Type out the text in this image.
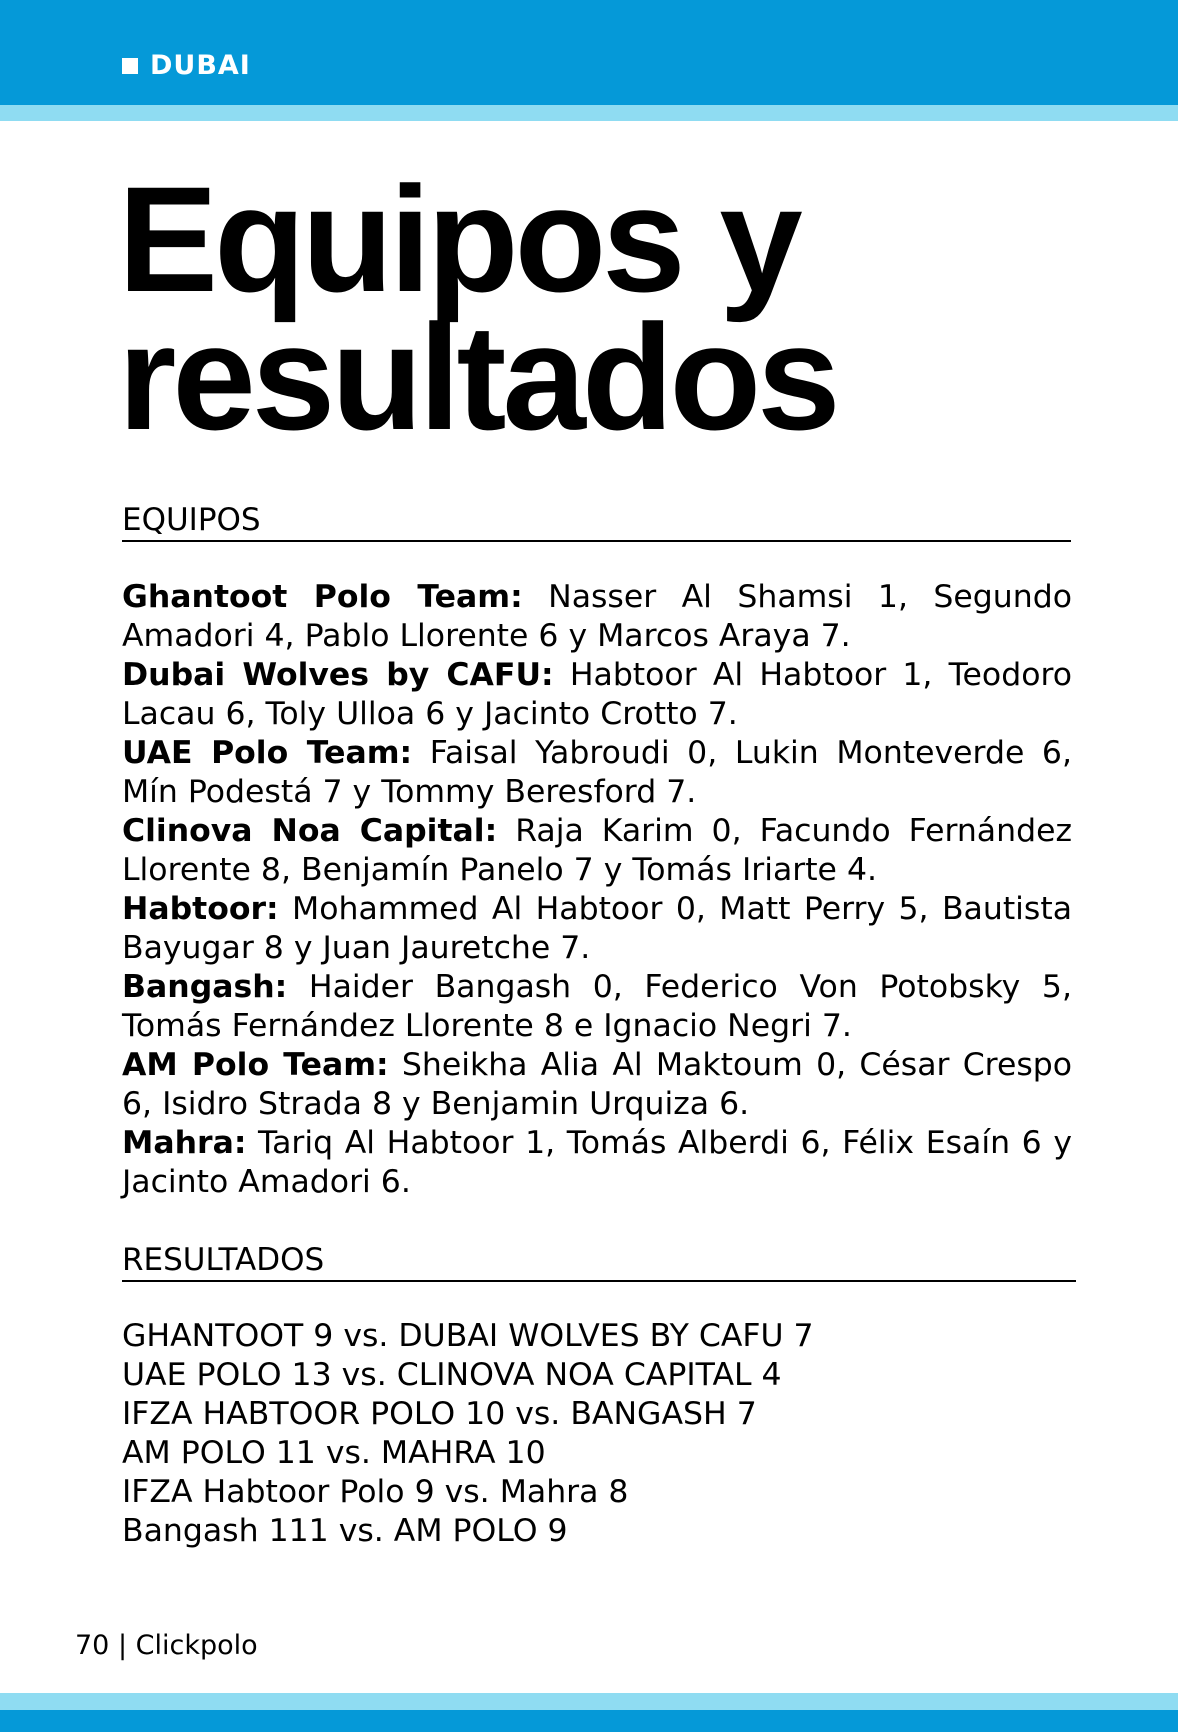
DUBAI
Equipos y
resultados
EQUIPOS

Ghantoot Polo Team: Nasser Al Shamsi 1, Segundo Amadori 4, Pablo Llorente 6 y Marcos Araya 7.

Dubai Wolves by CAFU: Habtoor Al Habtoor 1, Teodoro Lacau 6, Toly Ulloa 6 y Jacinto Crotto 7.

UAE Polo Team: Faisal Yabroudi 0, Lukin Monteverde 6, Mín Podestá 7 y Tommy Beresford 7.

Clinova Noa Capital: Raja Karim 0, Facundo Fernández Llorente 8, Benjamín Panelo 7 y Tomás Iriarte 4.

Habtoor: Mohammed Al Habtoor 0, Matt Perry 5, Bautista Bayugar 8 y Juan Jauretche 7.

Bangash: Haider Bangash 0, Federico Von Potobsky 5, Tomás Fernández Llorente 8 e Ignacio Negri 7.

AM Polo Team: Sheikha Alia Al Maktoum 0, César Crespo 6, Isidro Strada 8 y Benjamin Urquiza 6.

Mahra: Tariq Al Habtoor 1, Tomás Alberdi 6, Félix Esaín 6 y Jacinto Amadori 6.

RESULTADOS
GHANTOOT 9 vs. DUBAI WOLVES BY CAFU 7
UAE POLO 13 vs. CLINOVA NOA CAPITAL 4
IFZA HABTOOR POLO 10 vs. BANGASH 7
AM POLO 11 vs. MAHRA 10
IFZA Habtoor Polo 9 vs. Mahra 8
Bangash 111 vs. AM POLO 9
70 | Clickpolo
